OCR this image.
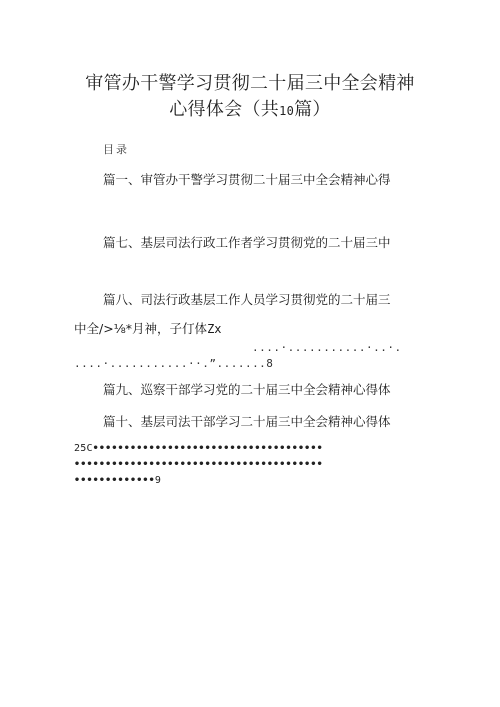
审管办干警学习贯彻二十届三中全会精神
心得体会（共10篇）
目录
篇一、审管办干警学习贯彻二十届三中全会精神心得
篇七、基层司法行政工作者学习贯彻党的二十届三中
篇八、司法行政基层工作人员学习贯彻党的二十届三
中全/>⅛*月神，子仃体Zx
....·...........·..·.
....·...........··.”.......8
篇九、巡察干部学习党的二十届三中全会精神心得体
篇十、基层司法干部学习二十届三中全会精神心得体
25C•••••••••••••••••••••••••••••••••••••
••••••••••••••••••••••••••••••••••••••••
•••••••••••••9
